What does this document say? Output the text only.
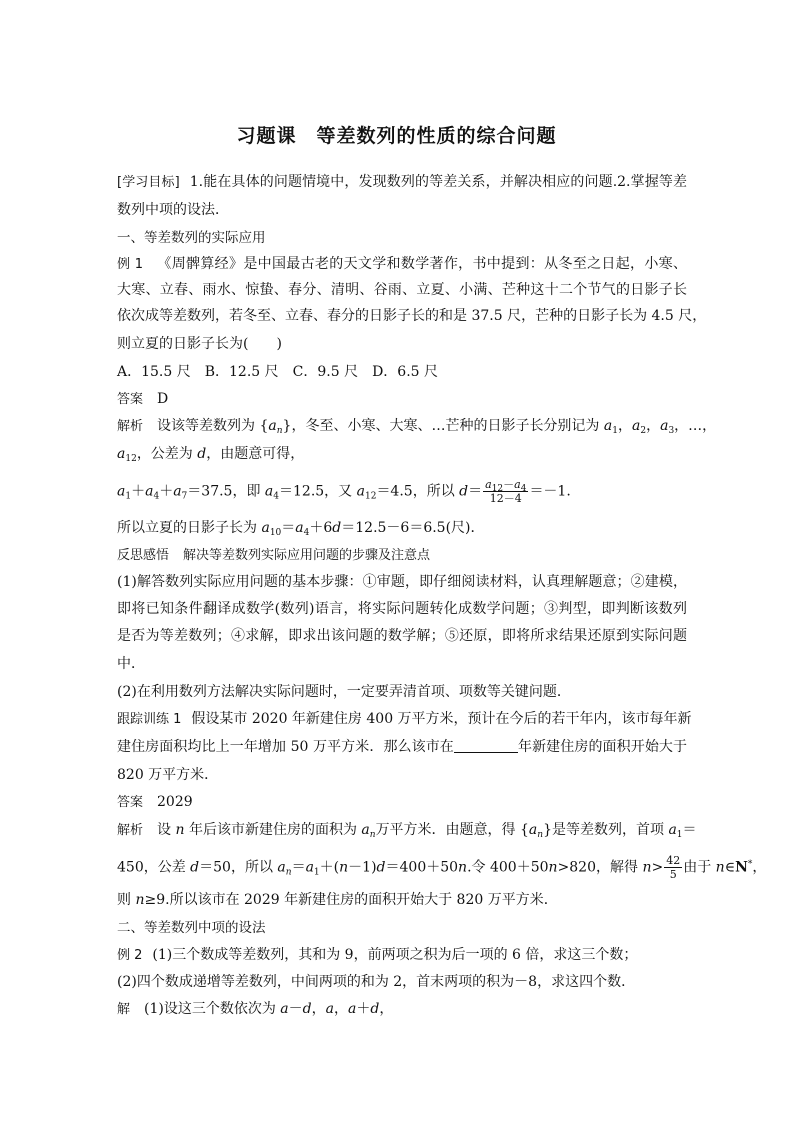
习题课　等差数列的性质的综合问题
[学习目标] 1.能在具体的问题情境中，发现数列的等差关系，并解决相应的问题.2.掌握等差
数列中项的设法．
一、等差数列的实际应用
例 1 《周髀算经》是中国最古老的天文学和数学著作，书中提到：从冬至之日起，小寒、
大寒、立春、雨水、惊蛰、春分、清明、谷雨、立夏、小满、芒种这十二个节气的日影子长
依次成等差数列，若冬至、立春、春分的日影子长的和是 37.5 尺，芒种的日影子长为 4.5 尺，
则立夏的日影子长为(　　)
A．15.5 尺　B．12.5 尺　C．9.5 尺　D．6.5 尺
答案 D
解析 设该等差数列为 $\{a_n\}$，冬至、小寒、大寒、…芒种的日影子长分别记为 $a_1$，$a_2$，$a_3$，…，
$a_{12}$，公差为 d，由题意可得，
$a_1+a_4+a_7=37.5$，即 $a_4=12.5$，又 $a_{12}=4.5$，所以 $d= \frac{a_{12}-a_4}{12-4} =-1$.
所以立夏的日影子长为 $a_{10}=a_4+6d=12.5-6=6.5$(尺)．
反思感悟 解决等差数列实际应用问题的步骤及注意点
(1)解答数列实际应用问题的基本步骤：①审题，即仔细阅读材料，认真理解题意；②建模，
即将已知条件翻译成数学(数列)语言，将实际问题转化成数学问题；③判型，即判断该数列
是否为等差数列；④求解，即求出该问题的数学解；⑤还原，即将所求结果还原到实际问题
中．
(2)在利用数列方法解决实际问题时，一定要弄清首项、项数等关键问题．
跟踪训练 1 假设某市 2020 年新建住房 400 万平方米，预计在今后的若干年内，该市每年新
建住房面积均比上一年增加 50 万平方米．那么该市在	年新建住房的面积开始大于
820 万平方米．
答案 2029
解析 设 n 年后该市新建住房的面积为 $a_n$万平方米．由题意，得 $\{a_n\}$是等差数列，首项 $a_1=$
450，公差 d＝50，所以 $a_n=a_1+(n-1)d=400+50n$.令 400＋50n>820，解得 $n> \frac{42}{5}$ 由于 n∈N*，
则 n≥9.所以该市在 2029 年新建住房的面积开始大于 820 万平方米．
二、等差数列中项的设法
例 2 (1)三个数成等差数列，其和为 9，前两项之积为后一项的 6 倍，求这三个数；
(2)四个数成递增等差数列，中间两项的和为 2，首末两项的积为－8，求这四个数．
解 (1)设这三个数依次为 a－d，a，a＋d，
